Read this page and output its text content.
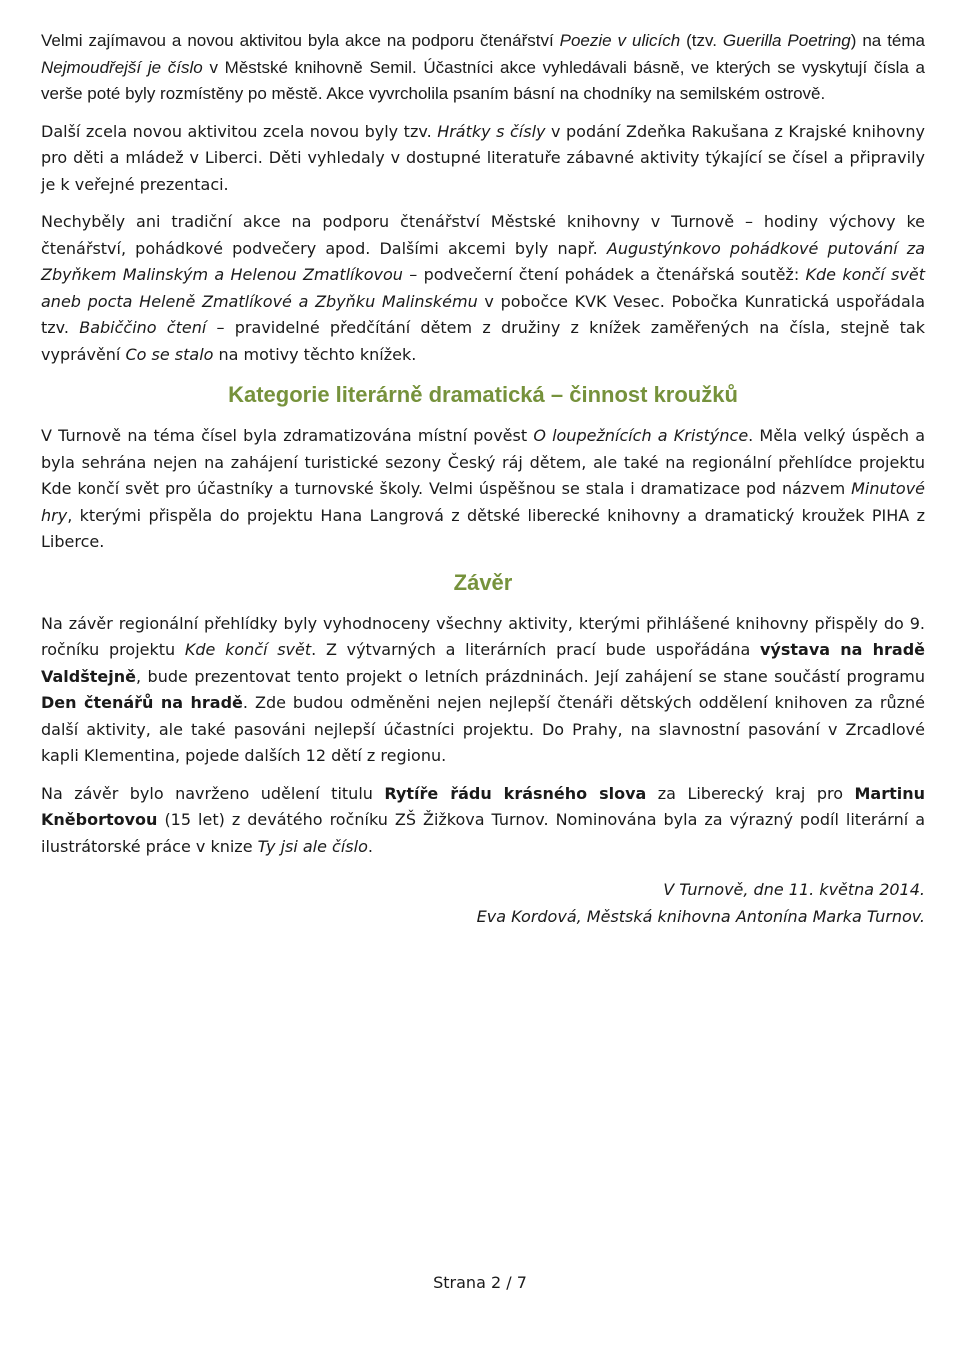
Velmi zajímavou a novou aktivitou byla akce na podporu čtenářství Poezie v ulicích (tzv. Guerilla Poetring) na téma Nejmoudřejší je číslo v Městské knihovně Semil. Účastníci akce vyhledávali básně, ve kterých se vyskytují čísla a verše poté byly rozmístěny po městě. Akce vyvrcholila psaním básní na chodníky na semilském ostrově.

Další zcela novou aktivitou zcela novou byly tzv. Hrátky s čísly v podání Zdeňka Rakušana z Krajské knihovny pro děti a mládež v Liberci. Děti vyhledaly v dostupné literatuře zábavné aktivity týkající se čísel a připravily je k veřejné prezentaci.

Nechyběly ani tradiční akce na podporu čtenářství Městské knihovny v Turnově – hodiny výchovy ke čtenářství, pohádkové podvečery apod. Dalšími akcemi byly např. Augustýnkovo pohádkové putování za Zbyňkem Malinským a Helenou Zmatlíkovou – podvečerní čtení pohádek a čtenářská soutěž: Kde končí svět aneb pocta Heleně Zmatlíkové a Zbyňku Malinskému v pobočce KVK Vesec. Pobočka Kunratická uspořádala tzv. Babiččino čtení – pravidelné předčítání dětem z družiny z knížek zaměřených na čísla, stejně tak vyprávění Co se stalo na motivy těchto knížek.

Kategorie literárně dramatická – činnost kroužků

V Turnově na téma čísel byla zdramatizována místní pověst O loupežnících a Kristýnce. Měla velký úspěch a byla sehrána nejen na zahájení turistické sezony Český ráj dětem, ale také na regionální přehlídce projektu Kde končí svět pro účastníky a turnovské školy. Velmi úspěšnou se stala i dramatizace pod názvem Minutové hry, kterými přispěla do projektu Hana Langrová z dětské liberecké knihovny a dramatický kroužek PIHA z Liberce.

Závěr

Na závěr regionální přehlídky byly vyhodnoceny všechny aktivity, kterými přihlášené knihovny přispěly do 9. ročníku projektu Kde končí svět. Z výtvarných a literárních prací bude uspořádána výstava na hradě Valdštejně, bude prezentovat tento projekt o letních prázdninách. Její zahájení se stane součástí programu Den čtenářů na hradě. Zde budou odměněni nejen nejlepší čtenáři dětských oddělení knihoven za různé další aktivity, ale také pasováni nejlepší účastníci projektu. Do Prahy, na slavnostní pasování v Zrcadlové kapli Klementina, pojede dalších 12 dětí z regionu.

Na závěr bylo navrženo udělení titulu Rytíře řádu krásného slova za Liberecký kraj pro Martinu Kněbortovou (15 let) z devátého ročníku ZŠ Žižkova Turnov. Nominována byla za výrazný podíl literární a ilustrátorské práce v knize Ty jsi ale číslo.

V Turnově, dne 11. května 2014.

Eva Kordová, Městská knihovna Antonína Marka Turnov.

Strana 2 / 7
